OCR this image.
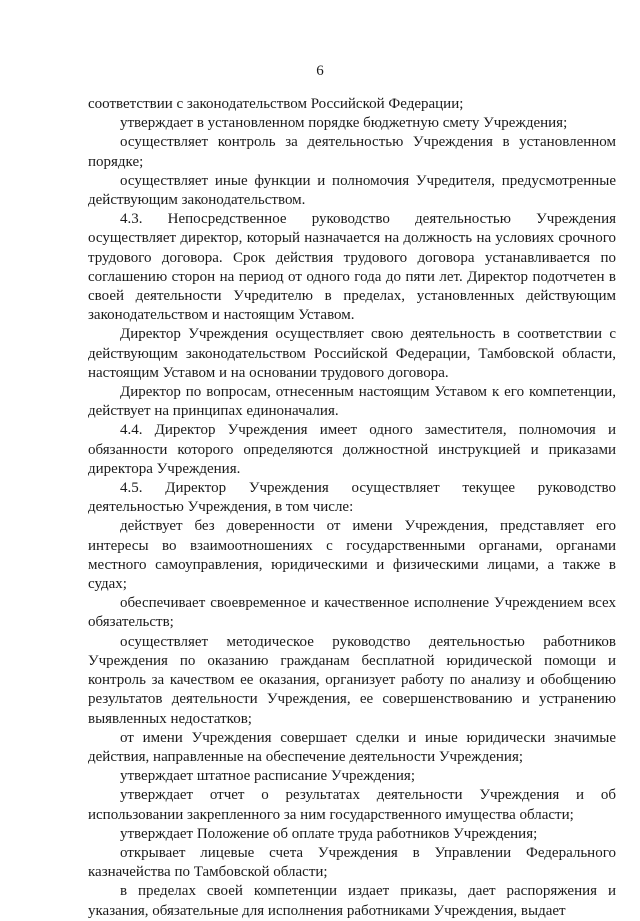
6

соответствии с законодательством Российской Федерации;

утверждает в установленном порядке бюджетную смету Учреждения;

осуществляет контроль за деятельностью Учреждения в установленном порядке;

осуществляет иные функции и полномочия Учредителя, предусмотренные действующим законодательством.

4.3. Непосредственное руководство деятельностью Учреждения осуществляет директор, который назначается на должность на условиях срочного трудового договора. Срок действия трудового договора устанавливается по соглашению сторон на период от одного года до пяти лет. Директор подотчетен в своей деятельности Учредителю в пределах, установленных действующим законодательством и настоящим Уставом.

Директор Учреждения осуществляет свою деятельность в соответствии с действующим законодательством Российской Федерации, Тамбовской области, настоящим Уставом и на основании трудового договора.

Директор по вопросам, отнесенным настоящим Уставом к его компетенции, действует на принципах единоначалия.

4.4. Директор Учреждения имеет одного заместителя, полномочия и обязанности которого определяются должностной инструкцией и приказами директора Учреждения.

4.5. Директор Учреждения осуществляет текущее руководство деятельностью Учреждения, в том числе:

действует без доверенности от имени Учреждения, представляет его интересы во взаимоотношениях с государственными органами, органами местного самоуправления, юридическими и физическими лицами, а также в судах;

обеспечивает своевременное и качественное исполнение Учреждением всех обязательств;

осуществляет методическое руководство деятельностью работников Учреждения по оказанию гражданам бесплатной юридической помощи и контроль за качеством ее оказания, организует работу по анализу и обобщению результатов деятельности Учреждения, ее совершенствованию и устранению выявленных недостатков;

от имени Учреждения совершает сделки и иные юридически значимые действия, направленные на обеспечение деятельности Учреждения;

утверждает штатное расписание Учреждения;

утверждает отчет о результатах деятельности Учреждения и об использовании закрепленного за ним государственного имущества области;

утверждает Положение об оплате труда работников Учреждения;

открывает лицевые счета Учреждения в Управлении Федерального казначейства по Тамбовской области;

в пределах своей компетенции издает приказы, дает распоряжения и указания, обязательные для исполнения работниками Учреждения, выдает
